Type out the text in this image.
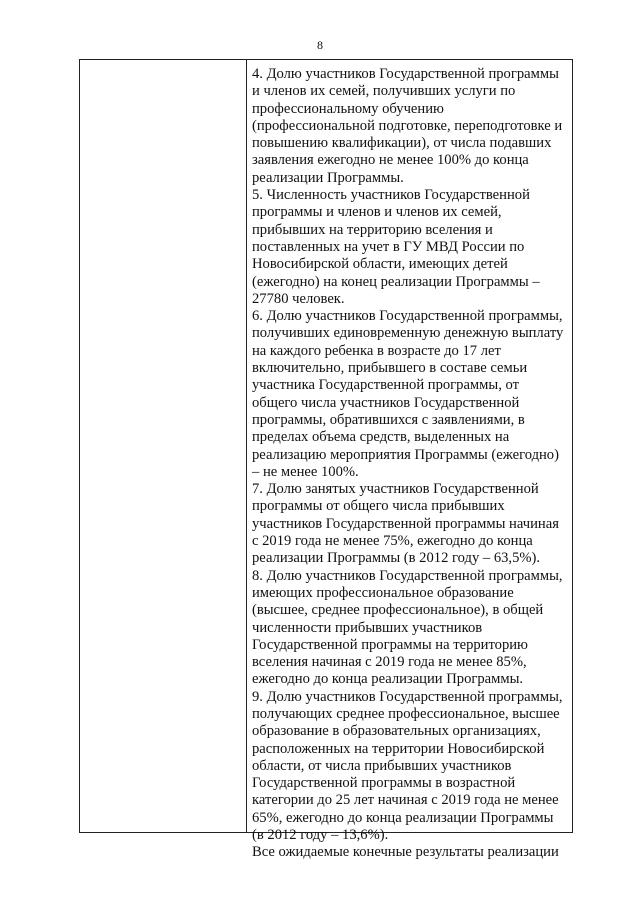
8

4. Долю участников Государственной программы и членов их семей, получивших услуги по профессиональному обучению (профессиональной подготовке, переподготовке и повышению квалификации), от числа подавших заявления ежегодно не менее 100% до конца реализации Программы.

5. Численность участников Государственной программы и членов и членов их семей, прибывших на территорию вселения и поставленных на учет в ГУ МВД России по Новосибирской области, имеющих детей (ежегодно) на конец реализации Программы – 27780 человек.

6. Долю участников Государственной программы, получивших единовременную денежную выплату на каждого ребенка в возрасте до 17 лет включительно, прибывшего в составе семьи участника Государственной программы, от общего числа участников Государственной программы, обратившихся с заявлениями, в пределах объема средств, выделенных на реализацию мероприятия Программы (ежегодно) – не менее 100%.

7. Долю занятых участников Государственной программы от общего числа прибывших участников Государственной программы начиная с 2019 года не менее 75%, ежегодно до конца реализации Программы (в 2012 году – 63,5%).

8. Долю участников Государственной программы, имеющих профессиональное образование (высшее, среднее профессиональное), в общей численности прибывших участников Государственной программы на территорию вселения начиная с 2019 года не менее 85%, ежегодно до конца реализации Программы.

9. Долю участников Государственной программы, получающих среднее профессиональное, высшее образование в образовательных организациях, расположенных на территории Новосибирской области, от числа прибывших участников Государственной программы в возрастной категории до 25 лет начиная с 2019 года не менее 65%, ежегодно до конца реализации Программы (в 2012 году – 13,6%).

Все ожидаемые конечные результаты реализации
